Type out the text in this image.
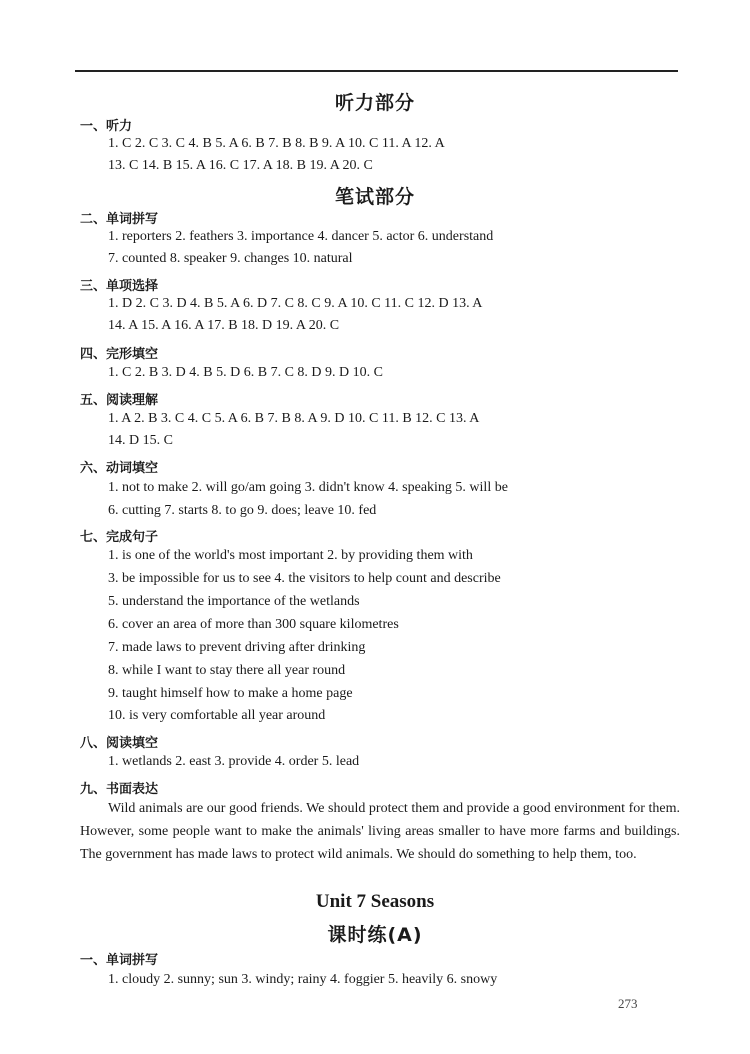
听力部分
一、听力
1. C 2. C 3. C 4. B 5. A 6. B 7. B 8. B 9. A 10. C 11. A 12. A
13. C 14. B 15. A 16. C 17. A 18. B 19. A 20. C
笔试部分
二、单词拼写
1. reporters 2. feathers 3. importance 4. dancer 5. actor 6. understand
7. counted 8. speaker 9. changes 10. natural
三、单项选择
1. D 2. C 3. D 4. B 5. A 6. D 7. C 8. C 9. A 10. C 11. C 12. D 13. A
14. A 15. A 16. A 17. B 18. D 19. A 20. C
四、完形填空
1. C 2. B 3. D 4. B 5. D 6. B 7. C 8. D 9. D 10. C
五、阅读理解
1. A 2. B 3. C 4. C 5. A 6. B 7. B 8. A 9. D 10. C 11. B 12. C 13. A
14. D 15. C
六、动词填空
1. not to make 2. will go/am going 3. didn't know 4. speaking 5. will be
6. cutting 7. starts 8. to go 9. does; leave 10. fed
七、完成句子
1. is one of the world's most important 2. by providing them with
3. be impossible for us to see 4. the visitors to help count and describe
5. understand the importance of the wetlands
6. cover an area of more than 300 square kilometres
7. made laws to prevent driving after drinking
8. while I want to stay there all year round
9. taught himself how to make a home page
10. is very comfortable all year around
八、阅读填空
1. wetlands 2. east 3. provide 4. order 5. lead
九、书面表达
Wild animals are our good friends. We should protect them and provide a good environment for them. However, some people want to make the animals' living areas smaller to have more farms and buildings. The government has made laws to protect wild animals. We should do something to help them, too.
Unit 7 Seasons
课时练(A)
一、单词拼写
1. cloudy 2. sunny; sun 3. windy; rainy 4. foggier 5. heavily 6. snowy
273
